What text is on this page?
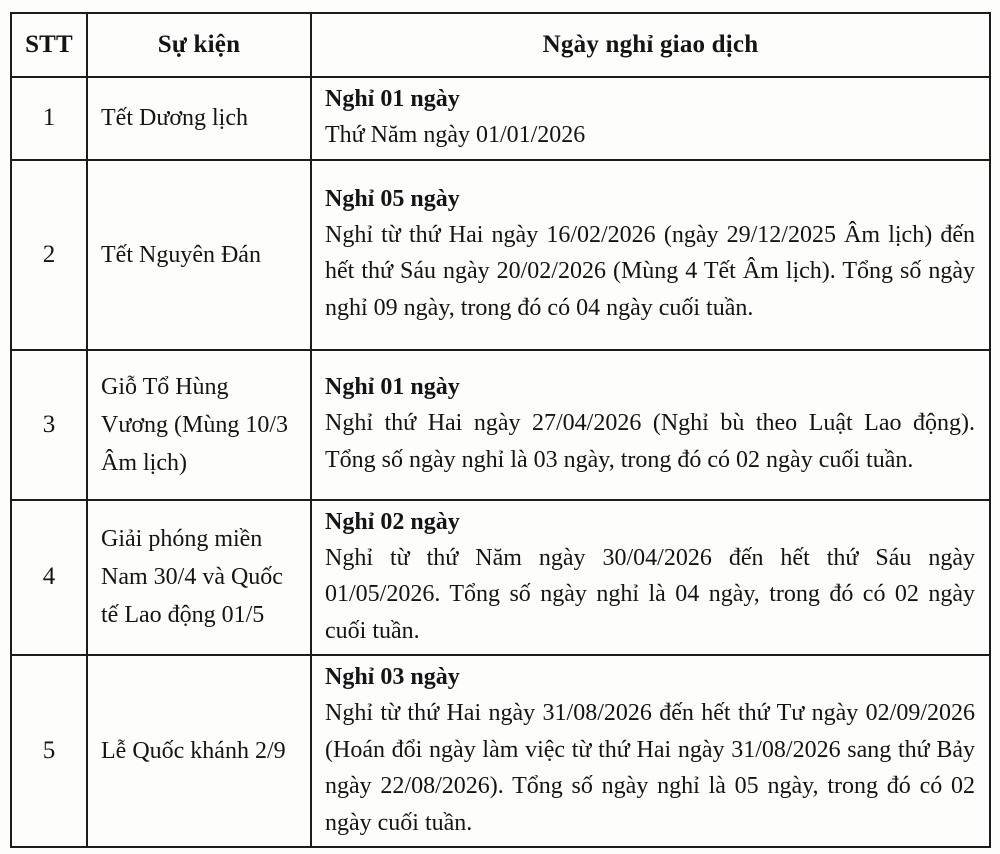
STT	Sự kiện	Ngày nghỉ giao dịch
1	Tết Dương lịch	Nghỉ 01 ngày
Thứ Năm ngày 01/01/2026

2	Tết Nguyên Đán	Nghỉ 05 ngày
Nghỉ từ thứ Hai ngày 16/02/2026 (ngày 29/12/2025 Âm lịch) đến hết thứ Sáu ngày 20/02/2026 (Mùng 4 Tết Âm lịch). Tổng số ngày nghỉ 09 ngày, trong đó có 04 ngày cuối tuần.

3	Giỗ Tổ Hùng Vương (Mùng 10/3 Âm lịch)	Nghỉ 01 ngày
Nghỉ thứ Hai ngày 27/04/2026 (Nghỉ bù theo Luật Lao động). Tổng số ngày nghỉ là 03 ngày, trong đó có 02 ngày cuối tuần.

4	Giải phóng miền Nam 30/4 và Quốc tế Lao động 01/5	Nghỉ 02 ngày
Nghỉ từ thứ Năm ngày 30/04/2026 đến hết thứ Sáu ngày 01/05/2026. Tổng số ngày nghỉ là 04 ngày, trong đó có 02 ngày cuối tuần.

5	Lễ Quốc khánh 2/9	Nghỉ 03 ngày
Nghỉ từ thứ Hai ngày 31/08/2026 đến hết thứ Tư ngày 02/09/2026 (Hoán đổi ngày làm việc từ thứ Hai ngày 31/08/2026 sang thứ Bảy ngày 22/08/2026). Tổng số ngày nghỉ là 05 ngày, trong đó có 02 ngày cuối tuần.
